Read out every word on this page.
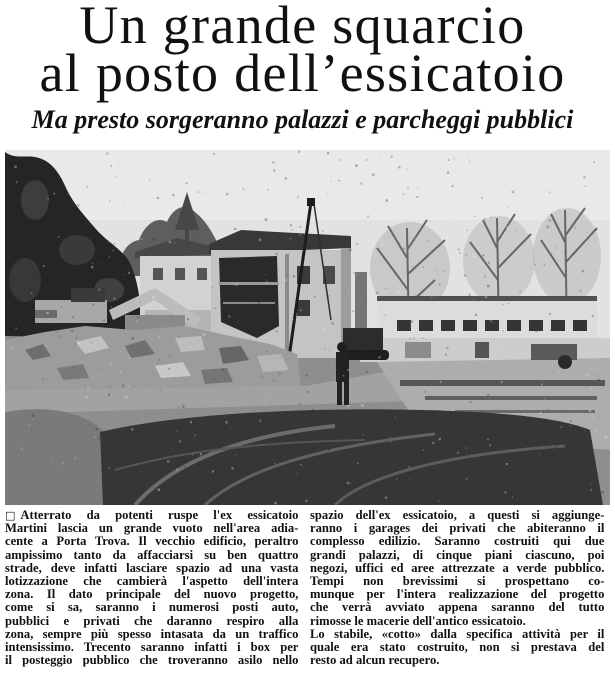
Un grande squarcio
al posto dell’essicatoio
Ma presto sorgeranno palazzi e parcheggi pubblici
□ Atterrato da potenti ruspe l'ex essicatoio
Martini lascia un grande vuoto nell'area adia-
cente a Porta Trova. Il vecchio edificio, peraltro
ampissimo tanto da affacciarsi su ben quattro
strade, deve infatti lasciare spazio ad una vasta
lotizzazione che cambierà l'aspetto dell'intera
zona. Il dato principale del nuovo progetto,
come si sa, saranno i numerosi posti auto,
pubblici e privati che daranno respiro alla
zona, sempre più spesso intasata da un traffico
intensissimo. Trecento saranno infatti i box per
il posteggio pubblico che troveranno asilo nello
spazio dell'ex essicatoio, a questi si aggiunge-
ranno i garages dei privati che abiteranno il
complesso edilizio. Saranno costruiti qui due
grandi palazzi, di cinque piani ciascuno, poi
negozi, uffici ed aree attrezzate a verde pubblico.
Tempi non brevissimi si prospettano co-
munque per l'intera realizzazione del progetto
che verrà avviato appena saranno del tutto
rimosse le macerie dell'antico essicatoio.
Lo stabile, «cotto» dalla specifica attività per il
quale era stato costruito, non si prestava del
resto ad alcun recupero.
